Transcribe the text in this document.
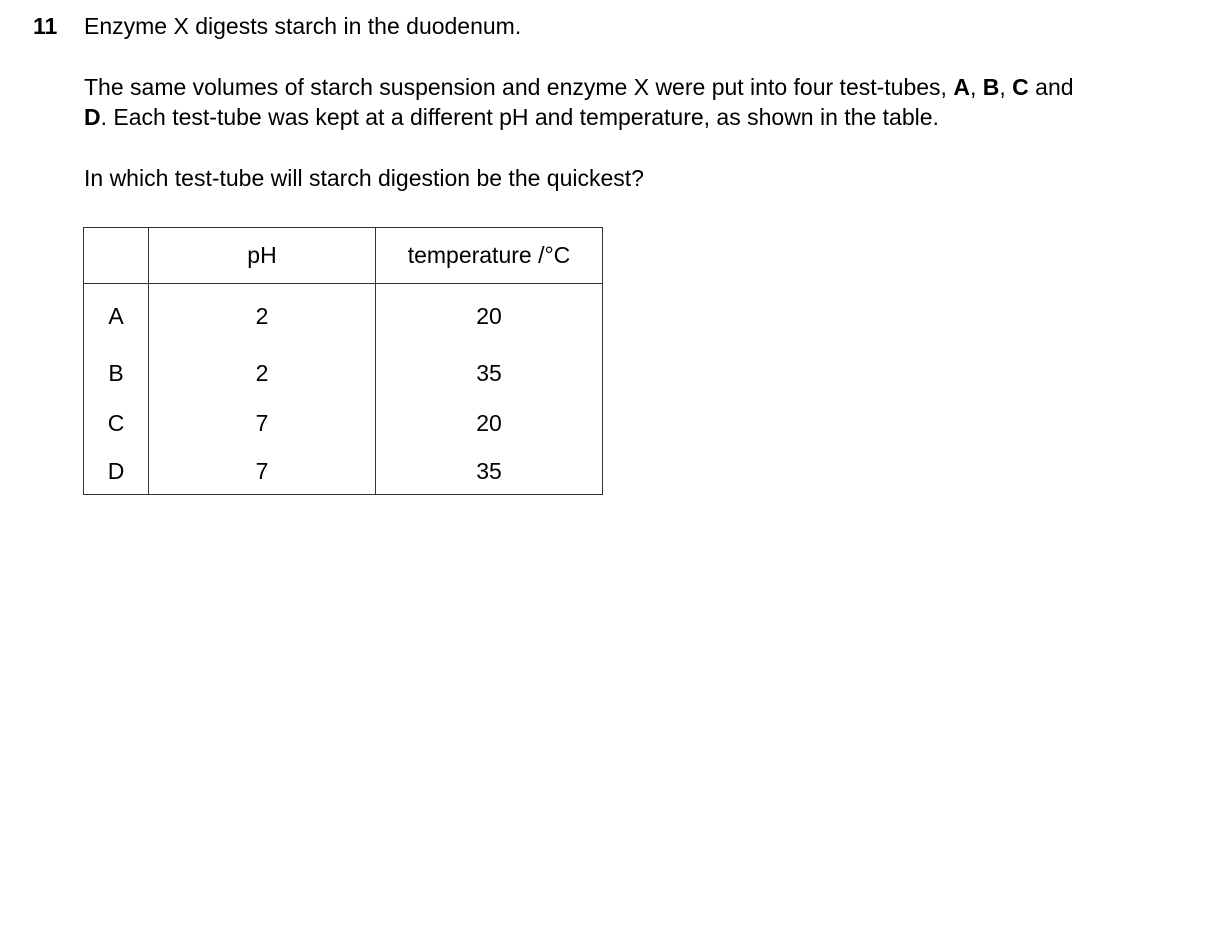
11 Enzyme X digests starch in the duodenum.
The same volumes of starch suspension and enzyme X were put into four test-tubes, A, B, C and
D. Each test-tube was kept at a different pH and temperature, as shown in the table.
In which test-tube will starch digestion be the quickest?
	pH	temperature /°C
A	2	20
B	2	35
C	7	20
D	7	35
